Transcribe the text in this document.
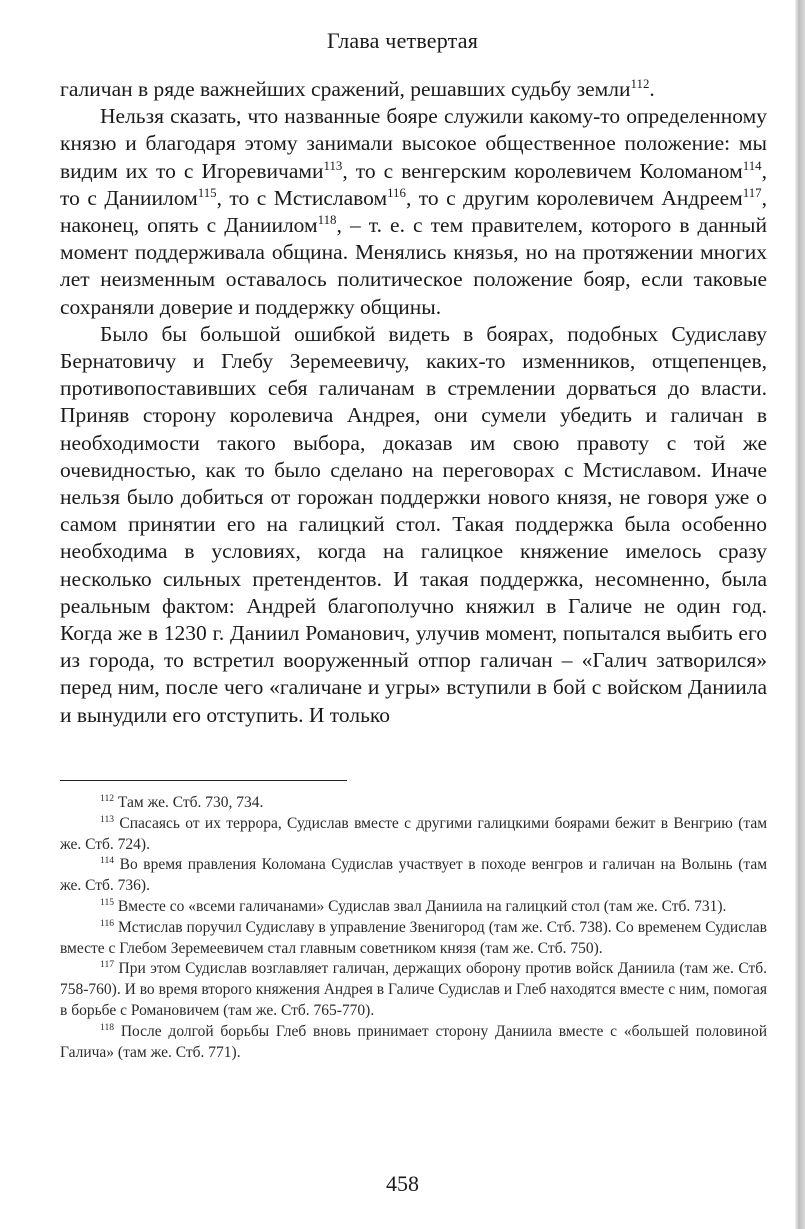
Глава четвертая

галичан в ряде важнейших сражений, решавших судьбу земли$^{112}$.

Нельзя сказать, что названные бояре служили какому-то определенному князю и благодаря этому занимали высокое общественное положение: мы видим их то с Игоревичами$^{113}$, то с венгерским королевичем Коломаном$^{114}$, то с Даниилом$^{115}$, то с Мстиславом$^{116}$, то с другим королевичем Андреем$^{117}$, наконец, опять с Даниилом$^{118}$, – т. е. с тем правителем, которого в данный момент поддерживала община. Менялись князья, но на протяжении многих лет неизменным оставалось политическое положение бояр, если таковые сохраняли доверие и поддержку общины.

Было бы большой ошибкой видеть в боярах, подобных Судиславу Бернатовичу и Глебу Зеремеевичу, каких-то изменников, отщепенцев, противопоставивших себя галичанам в стремлении дорваться до власти. Приняв сторону королевича Андрея, они сумели убедить и галичан в необходимости такого выбора, доказав им свою правоту с той же очевидностью, как то было сделано на переговорах с Мстиславом. Иначе нельзя было добиться от горожан поддержки нового князя, не говоря уже о самом принятии его на галицкий стол. Такая поддержка была особенно необходима в условиях, когда на галицкое княжение имелось сразу несколько сильных претендентов. И такая поддержка, несомненно, была реальным фактом: Андрей благополучно княжил в Галиче не один год. Когда же в 1230 г. Даниил Романович, улучив момент, попытался выбить его из города, то встретил вооруженный отпор галичан – «Галич затворился» перед ним, после чего «галичане и угры» вступили в бой с войском Даниила и вынудили его отступить. И только

$^{112}$ Там же. Стб. 730, 734.

$^{113}$ Спасаясь от их террора, Судислав вместе с другими галицкими боярами бежит в Венгрию (там же. Стб. 724).

$^{114}$ Во время правления Коломана Судислав участвует в походе венгров и галичан на Волынь (там же. Стб. 736).

$^{115}$ Вместе со «всеми галичанами» Судислав звал Даниила на галицкий стол (там же. Стб. 731).

$^{116}$ Мстислав поручил Судиславу в управление Звенигород (там же. Стб. 738). Со временем Судислав вместе с Глебом Зеремеевичем стал главным советником князя (там же. Стб. 750).

$^{117}$ При этом Судислав возглавляет галичан, держащих оборону против войск Даниила (там же. Стб. 758-760). И во время второго княжения Андрея в Галиче Судислав и Глеб находятся вместе с ним, помогая в борьбе с Романовичем (там же. Стб. 765-770).

$^{118}$ После долгой борьбы Глеб вновь принимает сторону Даниила вместе с «большей половиной Галича» (там же. Стб. 771).

458
